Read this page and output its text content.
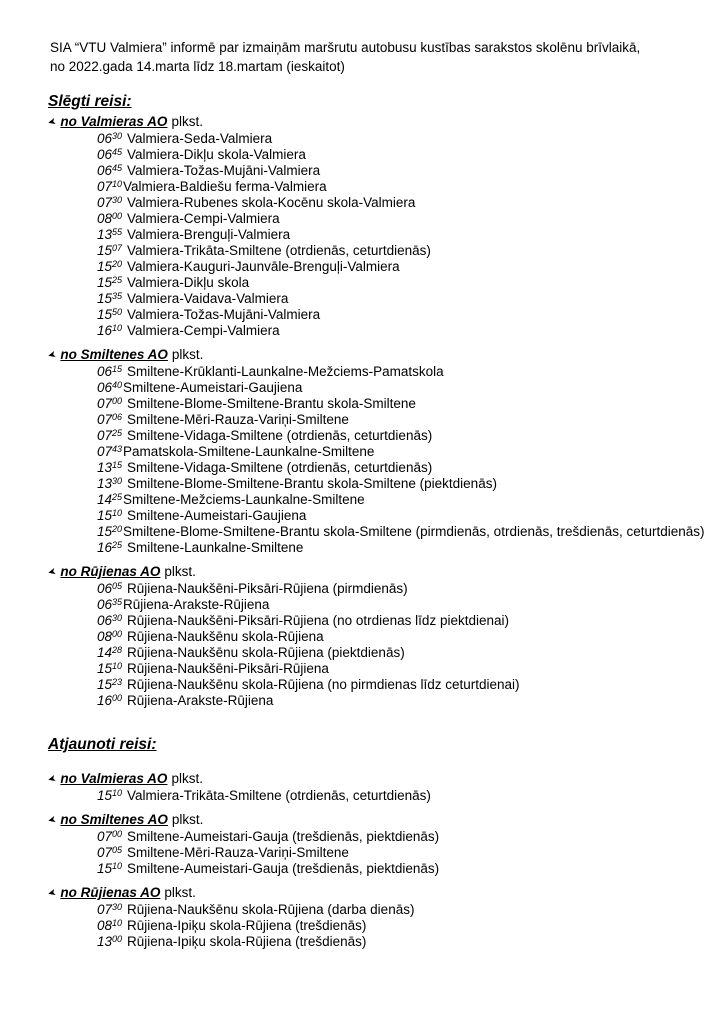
SIA “VTU Valmiera” informē par izmaiņām maršrutu autobusu kustības sarakstos skolēnu brīvlaikā,
no 2022.gada 14.marta līdz 18.martam (ieskaitot)

Slēgti reisi:
➤ no Valmieras AO plkst.
0630 Valmiera-Seda-Valmiera
0645 Valmiera-Dikļu skola-Valmiera
0645 Valmiera-Tožas-Mujāni-Valmiera
0710Valmiera-Baldiešu ferma-Valmiera
0730 Valmiera-Rubenes skola-Kocēnu skola-Valmiera
0800 Valmiera-Cempi-Valmiera
1355 Valmiera-Brenguļi-Valmiera
1507 Valmiera-Trikāta-Smiltene (otrdienās, ceturtdienās)
1520 Valmiera-Kauguri-Jaunvāle-Brenguļi-Valmiera
1525 Valmiera-Dikļu skola
1535 Valmiera-Vaidava-Valmiera
1550 Valmiera-Tožas-Mujāni-Valmiera
1610 Valmiera-Cempi-Valmiera
➤ no Smiltenes AO plkst.
0615 Smiltene-Krūklanti-Launkalne-Mežciems-Pamatskola
0640Smiltene-Aumeistari-Gaujiena
0700 Smiltene-Blome-Smiltene-Brantu skola-Smiltene
0706 Smiltene-Mēri-Rauza-Variņi-Smiltene
0725 Smiltene-Vidaga-Smiltene (otrdienās, ceturtdienās)
0743Pamatskola-Smiltene-Launkalne-Smiltene
1315 Smiltene-Vidaga-Smiltene (otrdienās, ceturtdienās)
1330 Smiltene-Blome-Smiltene-Brantu skola-Smiltene (piektdienās)
1425Smiltene-Mežciems-Launkalne-Smiltene
1510 Smiltene-Aumeistari-Gaujiena
1520Smiltene-Blome-Smiltene-Brantu skola-Smiltene (pirmdienās, otrdienās, trešdienās, ceturtdienās)
1625 Smiltene-Launkalne-Smiltene
➤ no Rūjienas AO plkst.
0605 Rūjiena-Naukšēni-Piksāri-Rūjiena (pirmdienās)
0635Rūjiena-Arakste-Rūjiena
0630 Rūjiena-Naukšēni-Piksāri-Rūjiena (no otrdienas līdz piektdienai)
0800 Rūjiena-Naukšēnu skola-Rūjiena
1428 Rūjiena-Naukšēnu skola-Rūjiena (piektdienās)
1510 Rūjiena-Naukšēni-Piksāri-Rūjiena
1523 Rūjiena-Naukšēnu skola-Rūjiena (no pirmdienas līdz ceturtdienai)
1600 Rūjiena-Arakste-Rūjiena
Atjaunoti reisi:
➤ no Valmieras AO plkst.
1510 Valmiera-Trikāta-Smiltene (otrdienās, ceturtdienās)
➤ no Smiltenes AO plkst.
0700 Smiltene-Aumeistari-Gauja (trešdienās, piektdienās)
0705 Smiltene-Mēri-Rauza-Variņi-Smiltene
1510 Smiltene-Aumeistari-Gauja (trešdienās, piektdienās)
➤ no Rūjienas AO plkst.
0730 Rūjiena-Naukšēnu skola-Rūjiena (darba dienās)
0810 Rūjiena-Ipiķu skola-Rūjiena (trešdienās)
1300 Rūjiena-Ipiķu skola-Rūjiena (trešdienās)
